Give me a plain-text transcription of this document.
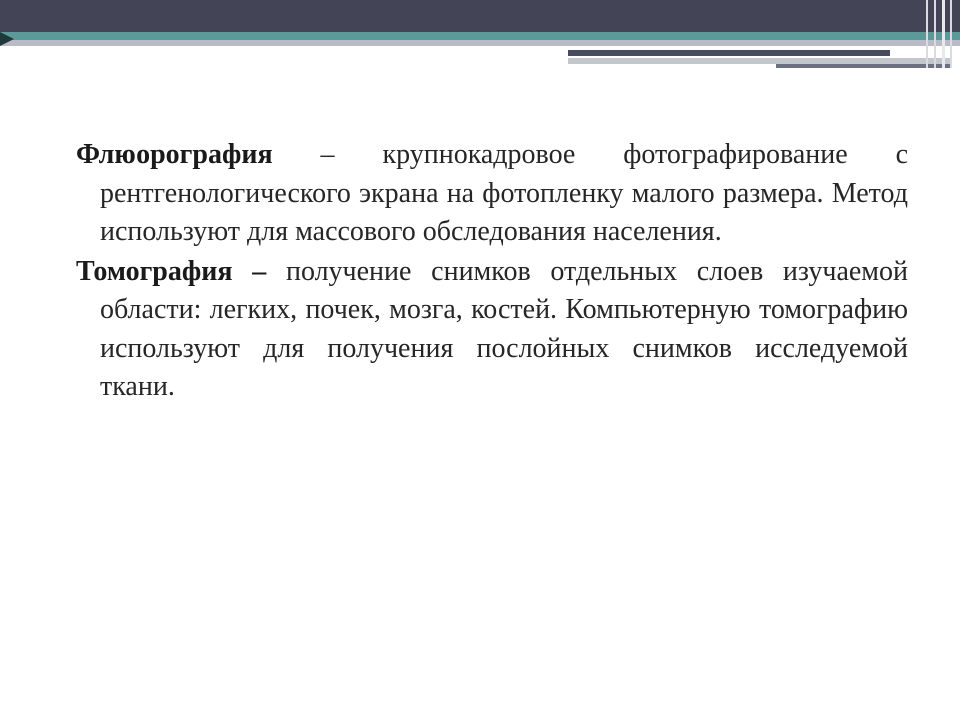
Флюорография – крупнокадровое фотографирование с рентгенологического экрана на фотопленку малого размера. Метод используют для массового обследования населения.

Томография – получение снимков отдельных слоев изучаемой области: легких, почек, мозга, костей. Компьютерную томографию используют для получения послойных снимков исследуемой ткани.
